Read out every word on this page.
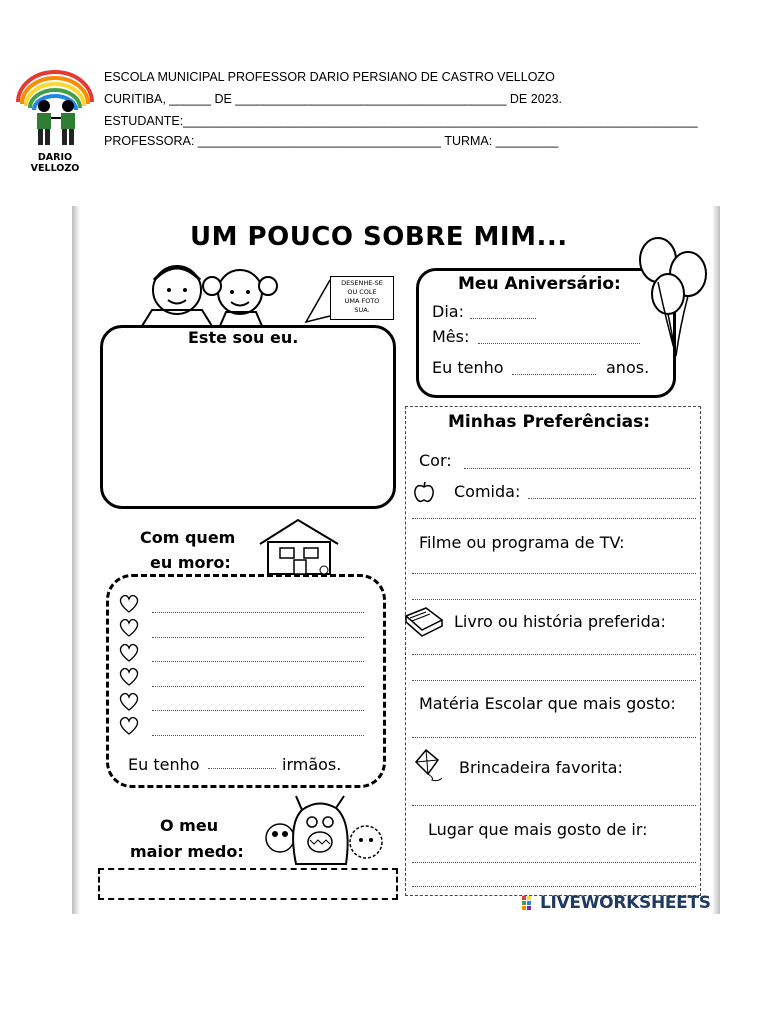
DARIO VELLOZO
ESCOLA MUNICIPAL PROFESSOR DARIO PERSIANO DE CASTRO VELLOZO
CURITIBA, ______ DE _______________________________________ DE 2023.
ESTUDANTE:__________________________________________________________________________
PROFESSORA: ___________________________________ TURMA: _________
UM POUCO SOBRE MIM...
DESENHE-SE
OU COLE
UMA FOTO
SUA.
Este sou eu.
Meu Aniversário:
Dia:
Mês:
Eu tenho	anos.
Minhas Preferências:
Cor:
Comida:
Filme ou programa de TV:
Livro ou história preferida:
Matéria Escolar que mais gosto:
Brincadeira favorita:
Lugar que mais gosto de ir:
Com quem
eu moro:
Eu tenho	irmãos.
O meu
maior medo:
LIVEWORKSHEETS
